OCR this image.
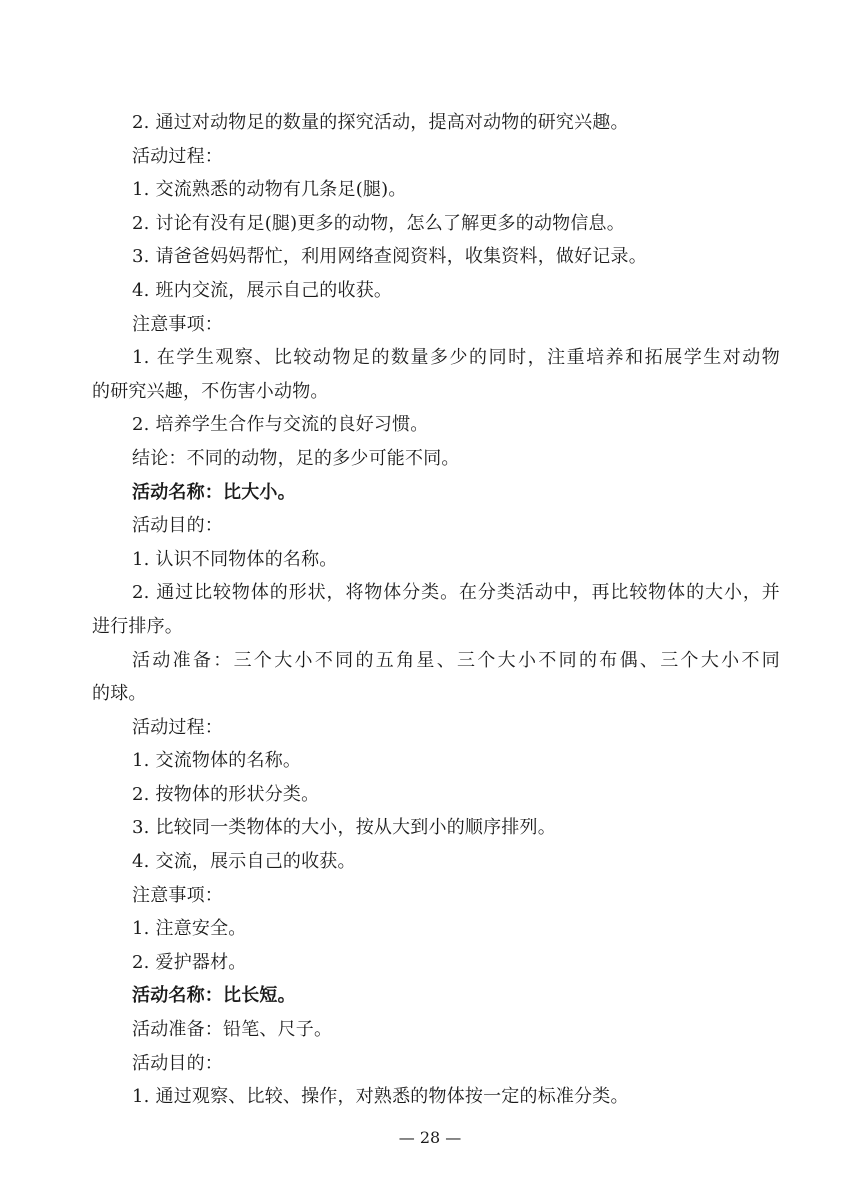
2. 通过对动物足的数量的探究活动，提高对动物的研究兴趣。
活动过程：
1. 交流熟悉的动物有几条足(腿)。
2. 讨论有没有足(腿)更多的动物，怎么了解更多的动物信息。
3. 请爸爸妈妈帮忙，利用网络查阅资料，收集资料，做好记录。
4. 班内交流，展示自己的收获。
注意事项：
1. 在学生观察、比较动物足的数量多少的同时，注重培养和拓展学生对动物
的研究兴趣，不伤害小动物。
2. 培养学生合作与交流的良好习惯。
结论：不同的动物，足的多少可能不同。
活动名称：比大小。
活动目的：
1. 认识不同物体的名称。
2. 通过比较物体的形状，将物体分类。在分类活动中，再比较物体的大小，并
进行排序。
活动准备：三个大小不同的五角星、三个大小不同的布偶、三个大小不同
的球。
活动过程：
1. 交流物体的名称。
2. 按物体的形状分类。
3. 比较同一类物体的大小，按从大到小的顺序排列。
4. 交流，展示自己的收获。
注意事项：
1. 注意安全。
2. 爱护器材。
活动名称：比长短。
活动准备：铅笔、尺子。
活动目的：
1. 通过观察、比较、操作，对熟悉的物体按一定的标准分类。
— 28 —
